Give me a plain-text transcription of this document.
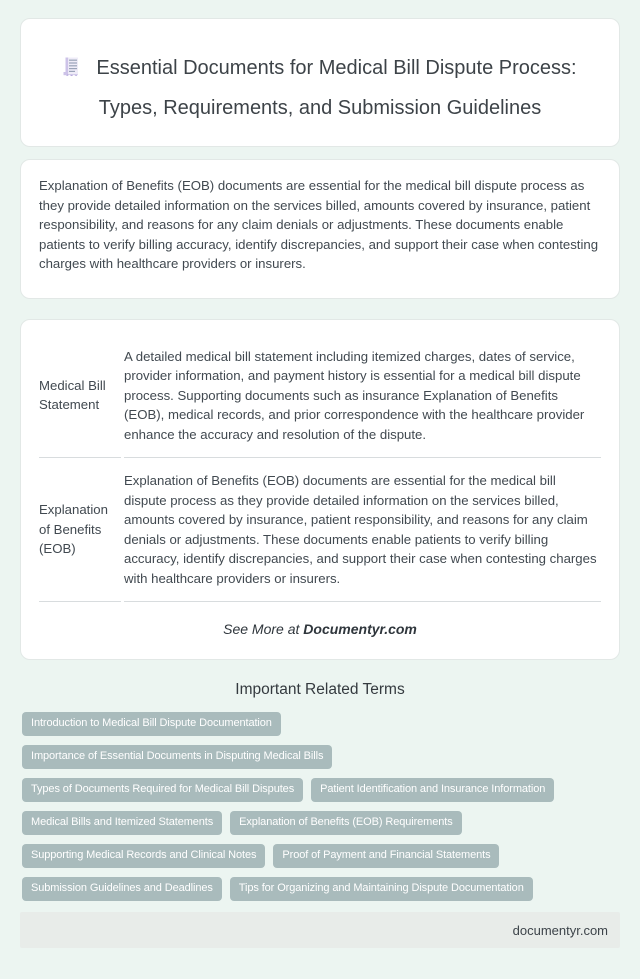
Essential Documents for Medical Bill Dispute Process: Types, Requirements, and Submission Guidelines

Explanation of Benefits (EOB) documents are essential for the medical bill dispute process as they provide detailed information on the services billed, amounts covered by insurance, patient responsibility, and reasons for any claim denials or adjustments. These documents enable patients to verify billing accuracy, identify discrepancies, and support their case when contesting charges with healthcare providers or insurers.

Medical Bill Statement	A detailed medical bill statement including itemized charges, dates of service, provider information, and payment history is essential for a medical bill dispute process. Supporting documents such as insurance Explanation of Benefits (EOB), medical records, and prior correspondence with the healthcare provider enhance the accuracy and resolution of the dispute.
Explanation of Benefits (EOB)	Explanation of Benefits (EOB) documents are essential for the medical bill dispute process as they provide detailed information on the services billed, amounts covered by insurance, patient responsibility, and reasons for any claim denials or adjustments. These documents enable patients to verify billing accuracy, identify discrepancies, and support their case when contesting charges with healthcare providers or insurers.
See More at Documentyr.com
Important Related Terms
Introduction to Medical Bill Dispute Documentation
Importance of Essential Documents in Disputing Medical Bills
Types of Documents Required for Medical Bill Disputes	Patient Identification and Insurance Information
Medical Bills and Itemized Statements	Explanation of Benefits (EOB) Requirements
Supporting Medical Records and Clinical Notes	Proof of Payment and Financial Statements
Submission Guidelines and Deadlines	Tips for Organizing and Maintaining Dispute Documentation
documentyr.com
